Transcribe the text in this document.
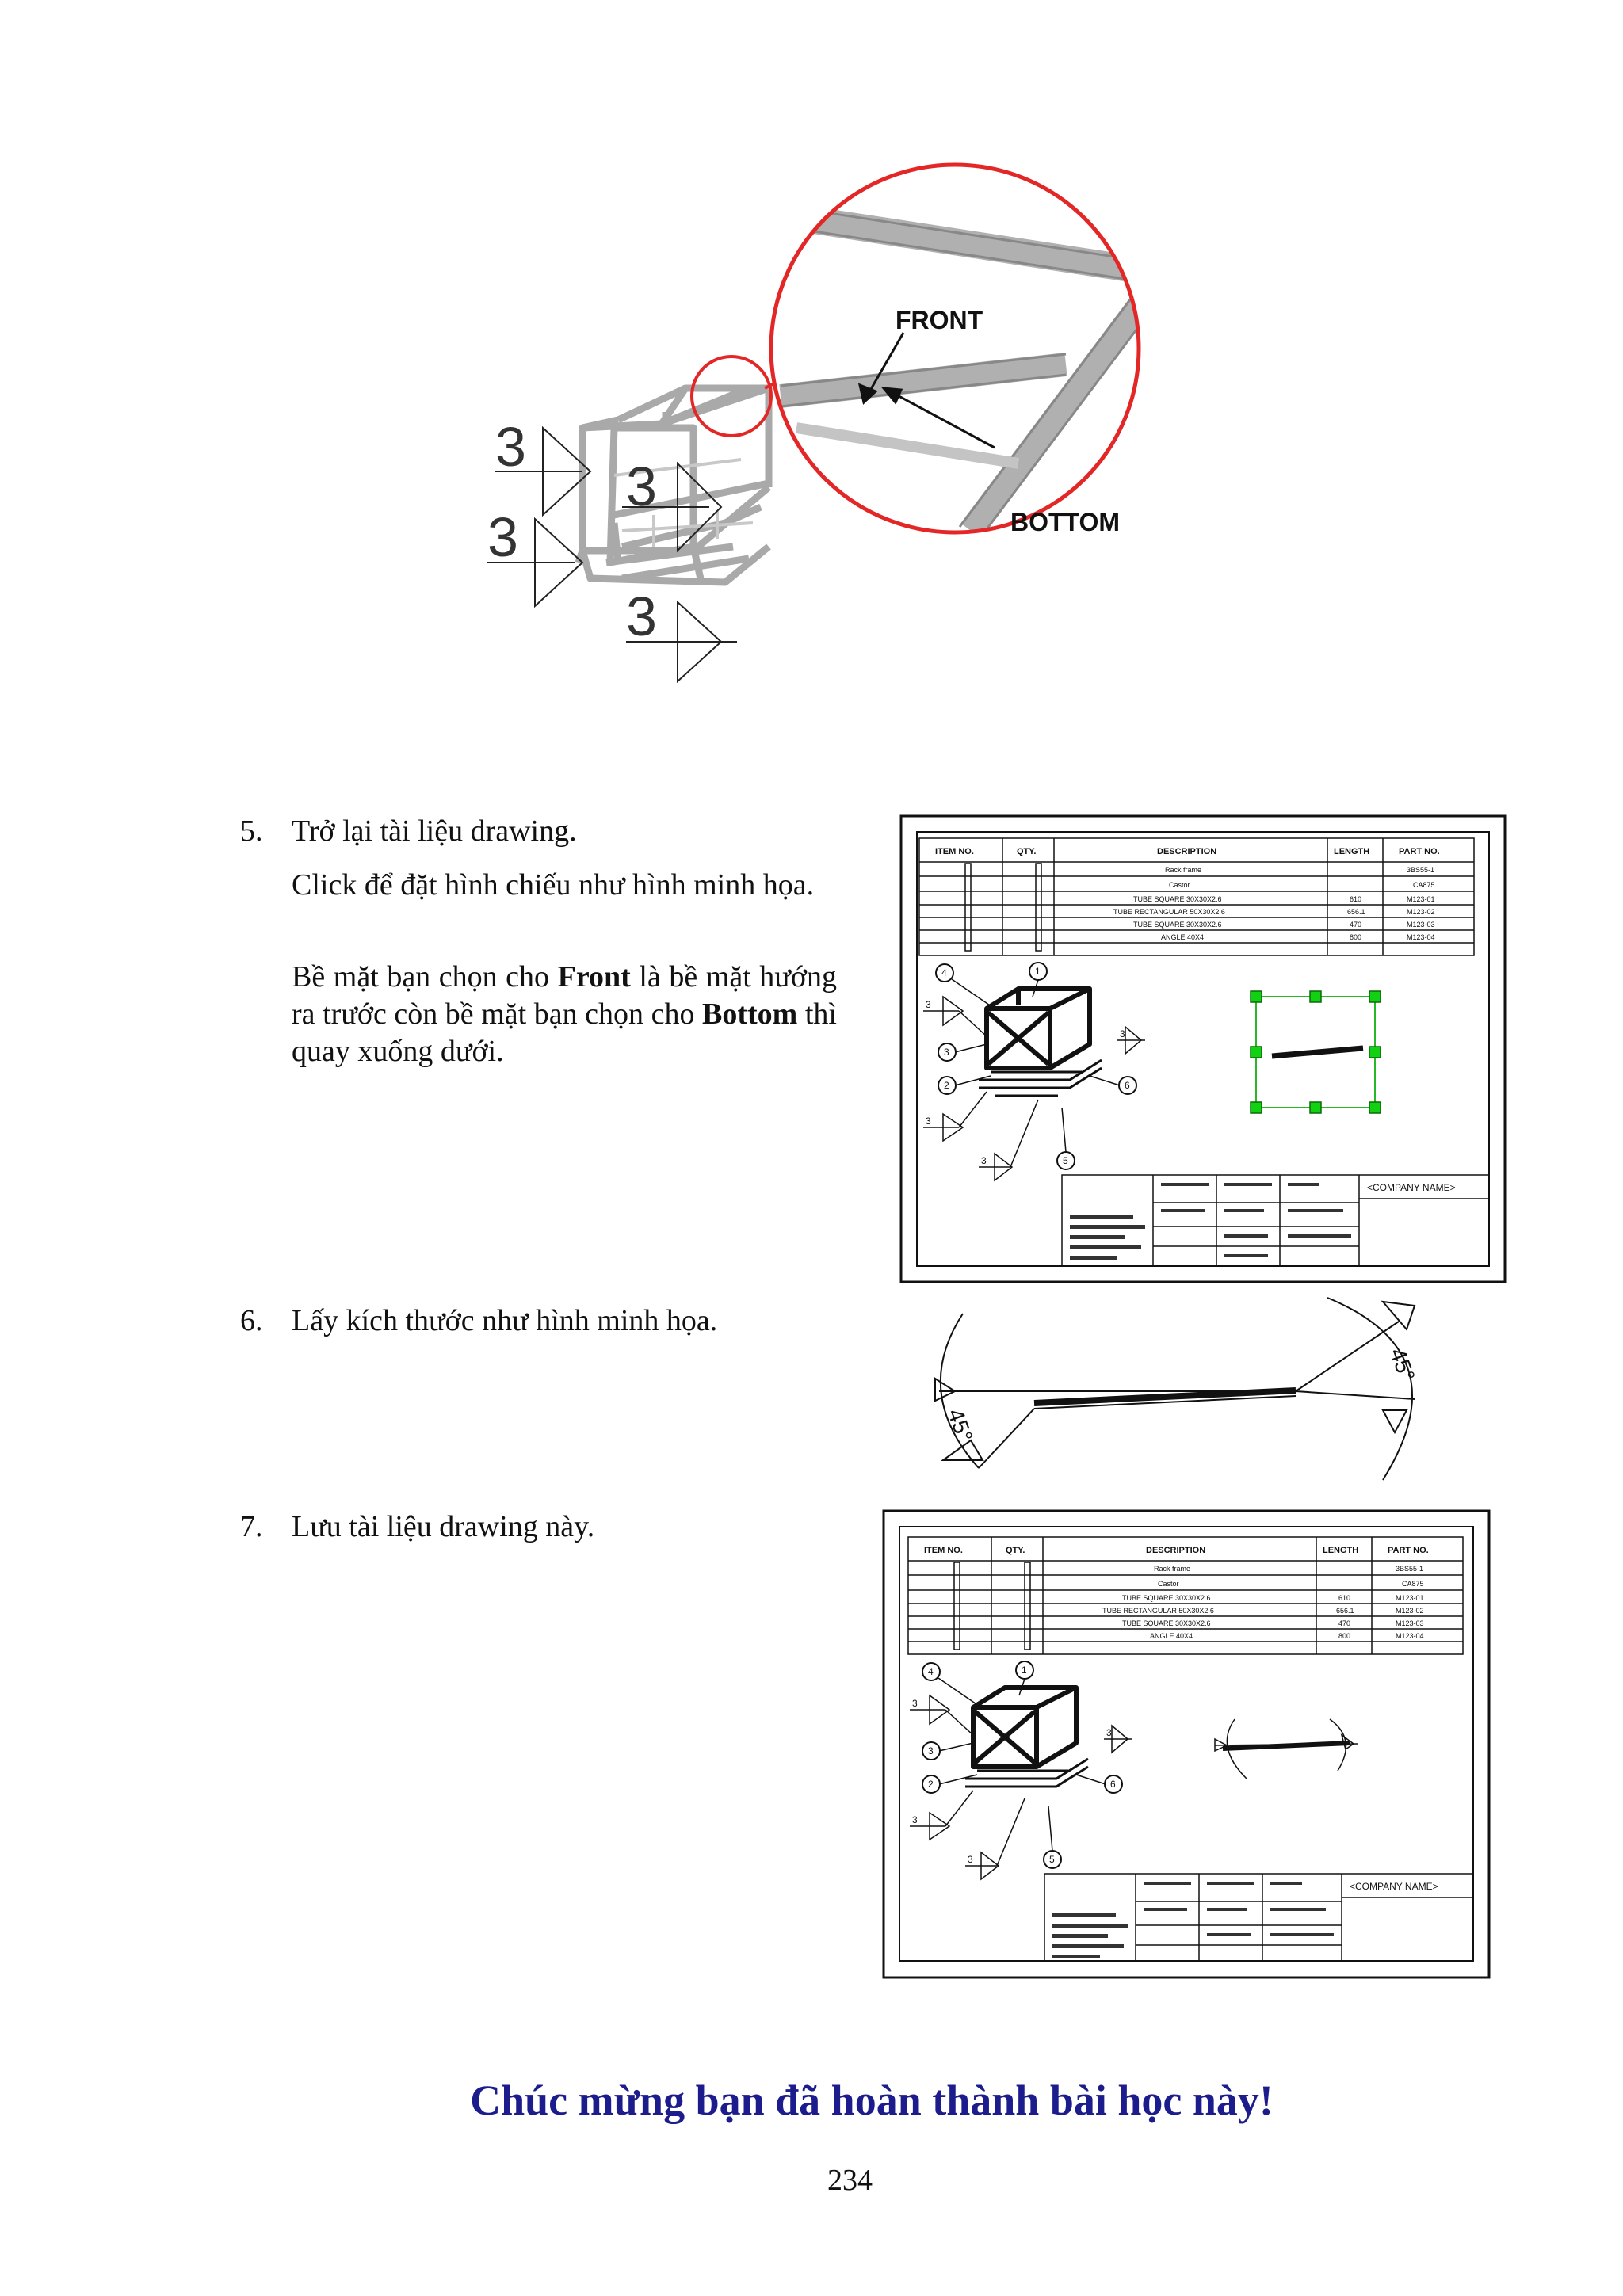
3
3
3
3
FRONT
BOTTOM
5. Trở lại tài liệu drawing.
Click để đặt hình chiếu như hình minh họa.
Bề mặt bạn chọn cho Front là bề mặt hướng ra trước còn bề mặt bạn chọn cho Bottom thì quay xuống dưới.
ITEM NO.	QTY.	DESCRIPTION	LENGTH	PART NO.
Rack frame	3BS55-1
Castor	CA875
TUBE SQUARE 30X30X2.6	610	M123-01
TUBE RECTANGULAR 50X30X2.6	656.1	M123-02
TUBE SQUARE 30X30X2.6	470	M123-03
ANGLE 40X4	800	M123-04
4	1
3
2	6
5
3
3
3
3
<COMPANY NAME>
6. Lấy kích thước như hình minh họa.
45°
45°
7. Lưu tài liệu drawing này.
ITEM NO.	QTY.	DESCRIPTION	LENGTH	PART NO.
Rack frame	3BS55-1
Castor	CA875
TUBE SQUARE 30X30X2.6	610	M123-01
TUBE RECTANGULAR 50X30X2.6	656.1	M123-02
TUBE SQUARE 30X30X2.6	470	M123-03
ANGLE 40X4	800	M123-04
4	1
3
2	6
5
3
3
3
3
<COMPANY NAME>
Chúc mừng bạn đã hoàn thành bài học này!
234
